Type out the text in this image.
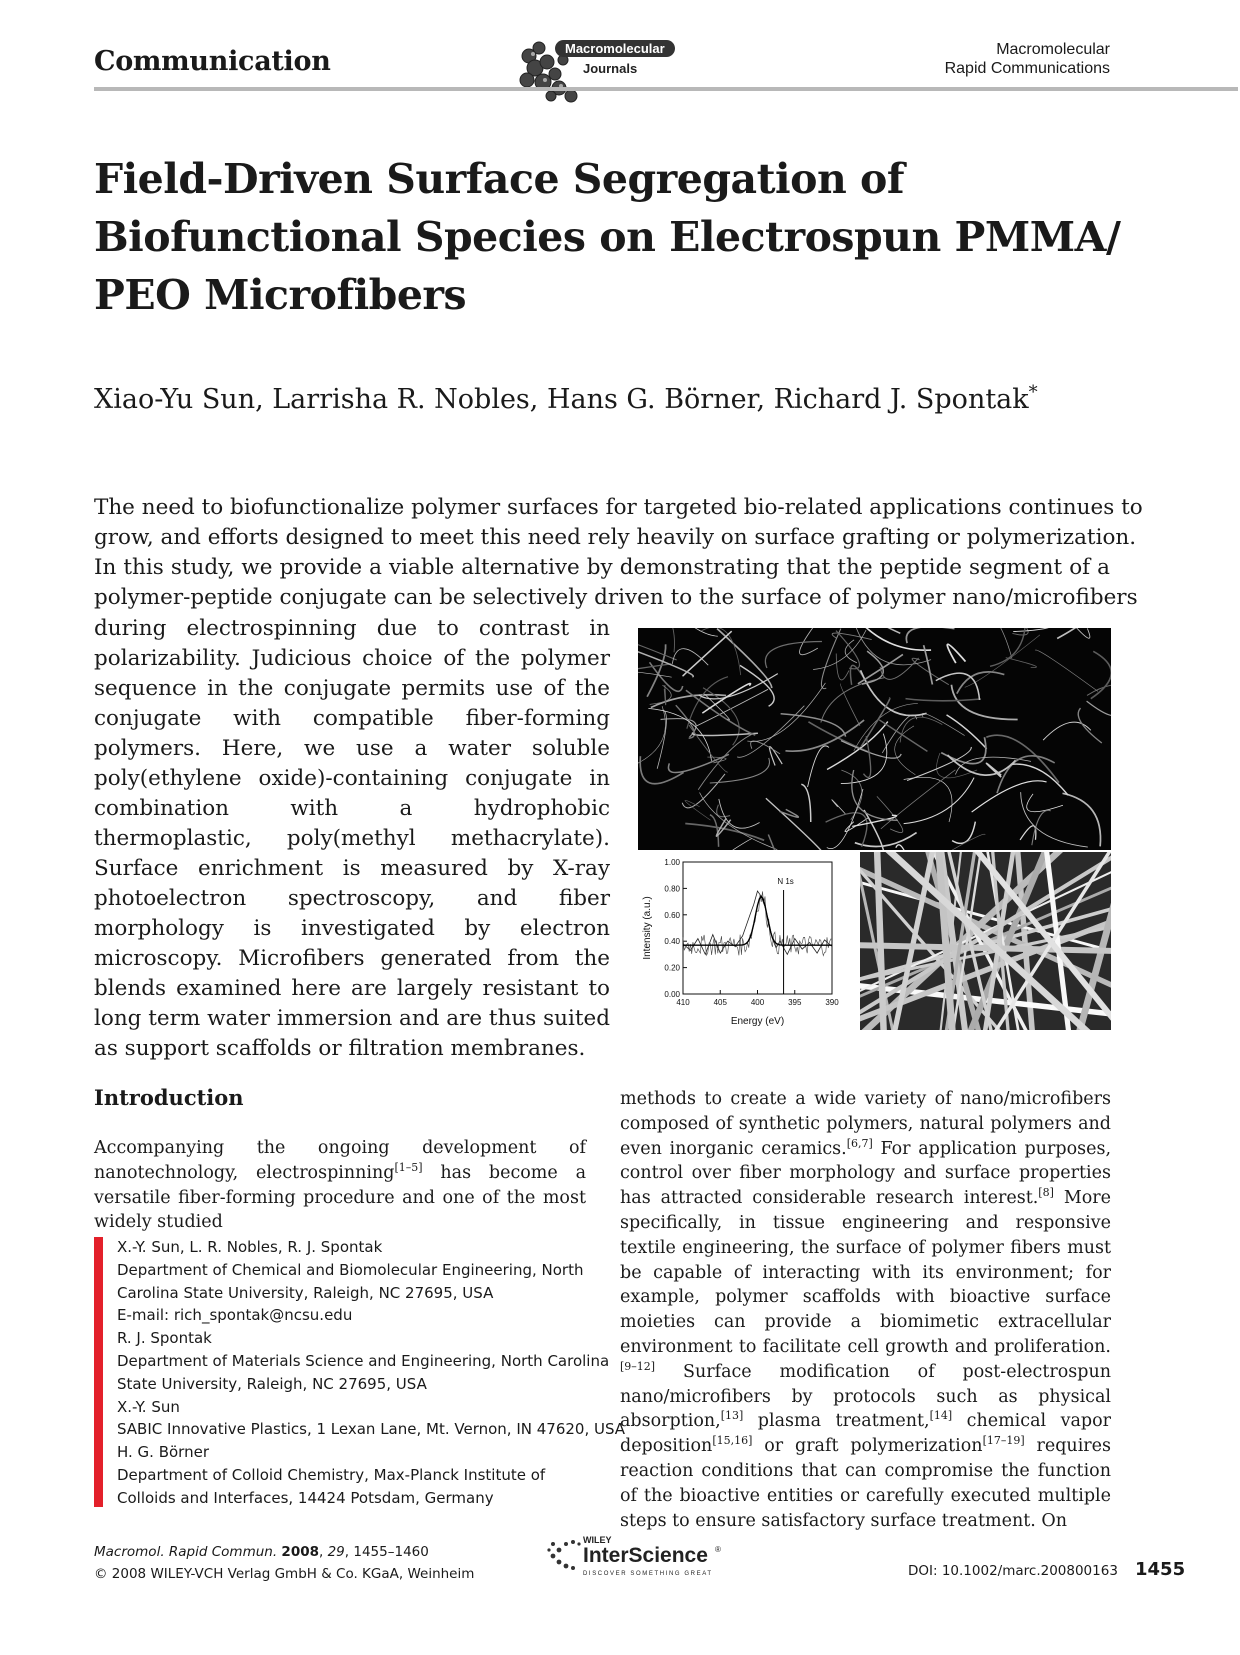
Communication	Macromolecular
Journals
Macromolecular
Rapid Communications
Field-Driven Surface Segregation of Biofunctional Species on Electrospun PMMA/ PEO Microfibers
Xiao-Yu Sun, Larrisha R. Nobles, Hans G. Börner, Richard J. Spontak*
The need to biofunctionalize polymer surfaces for targeted bio-related applications continues to
grow, and efforts designed to meet this need rely heavily on surface grafting or polymerization.
In this study, we provide a viable alternative by demonstrating that the peptide segment of a
polymer-peptide conjugate can be selectively driven to the surface of polymer nano/microfibers
during electrospinning due to contrast in polarizability. Judicious choice of the polymer sequence in the conjugate permits use of the conjugate with compatible fiber-forming polymers. Here, we use a water soluble poly(ethylene oxide)-containing conjugate in combination with a hydrophobic thermoplastic, poly(methyl methacrylate). Surface enrichment is measured by X-ray photoelectron spectroscopy, and fiber morphology is investigated by electron microscopy. Microfibers generated from the blends examined here are largely resistant to long term water immersion and are thus suited as support scaffolds or filtration membranes.
0.00
0.20
0.40
0.60
0.80
1.00
410	405	400	395	390
Energy (eV)
Intensity (a.u.)
N 1s
Introduction
Accompanying the ongoing development of nanotechnology, electrospinning[1–5] has become a versatile fiber-forming procedure and one of the most widely studied
methods to create a wide variety of nano/microfibers composed of synthetic polymers, natural polymers and even inorganic ceramics.[6,7] For application purposes, control over fiber morphology and surface properties has attracted considerable research interest.[8] More specifically, in tissue engineering and responsive textile engineering, the surface of polymer fibers must be capable of interacting with its environment; for example, polymer scaffolds with bioactive surface moieties can provide a biomimetic extracellular environment to facilitate cell growth and proliferation.[9–12] Surface modification of post-electrospun nano/microfibers by protocols such as physical absorption,[13] plasma treatment,[14] chemical vapor deposition[15,16] or graft polymerization[17–19] requires reaction conditions that can compromise the function of the bioactive entities or carefully executed multiple steps to ensure satisfactory surface treatment. On
X.-Y. Sun, L. R. Nobles, R. J. Spontak
Department of Chemical and Biomolecular Engineering, North
Carolina State University, Raleigh, NC 27695, USA
E-mail: rich_spontak@ncsu.edu
R. J. Spontak
Department of Materials Science and Engineering, North Carolina
State University, Raleigh, NC 27695, USA
X.-Y. Sun
SABIC Innovative Plastics, 1 Lexan Lane, Mt. Vernon, IN 47620, USA
H. G. Börner
Department of Colloid Chemistry, Max-Planck Institute of
Colloids and Interfaces, 14424 Potsdam, Germany
Macromol. Rapid Commun. 2008, 29, 1455–1460
© 2008 WILEY-VCH Verlag GmbH & Co. KGaA, Weinheim
WILEY
InterScience ®
DISCOVER SOMETHING GREAT	DOI: 10.1002/marc.200800163 1455
